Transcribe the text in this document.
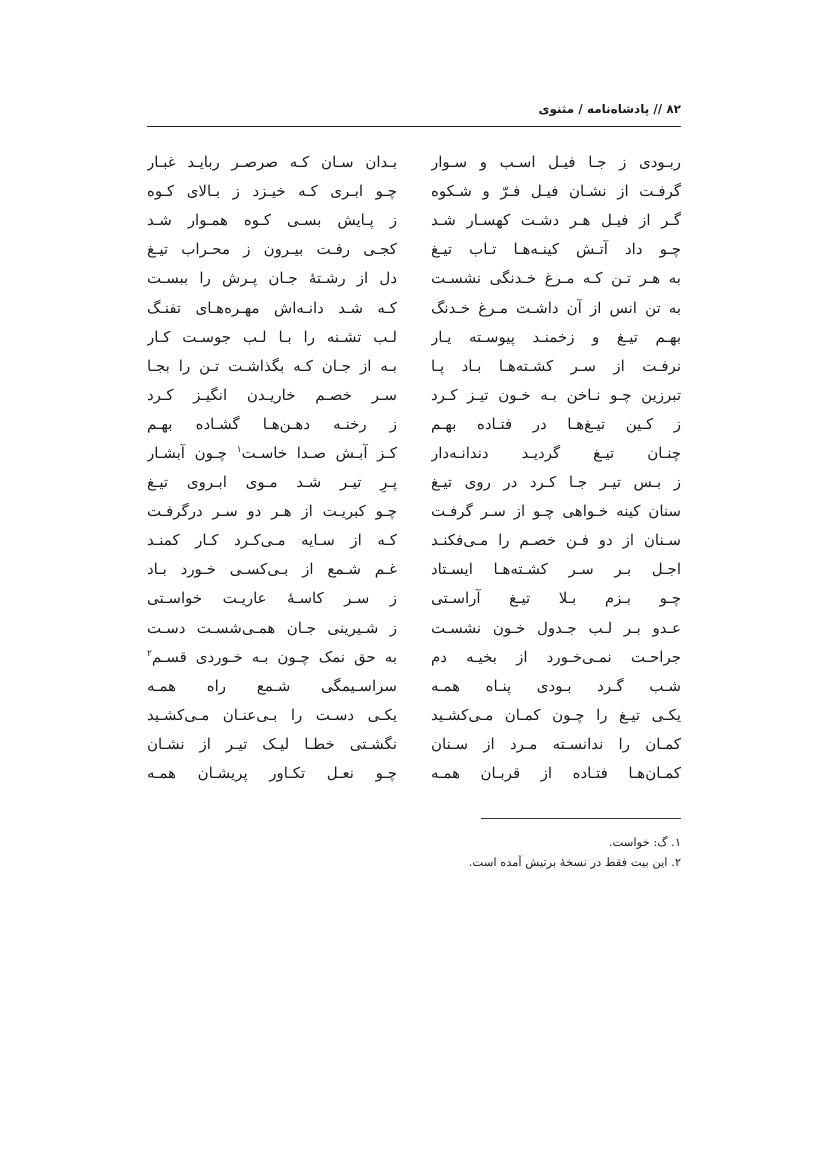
۸۲ // پادشاه‌نامه / مثنوی
ربـودی ز جـا فیـل اسـب و سـوار
بـدان سـان کـه صرصـر ربایـد غبـار
گرفـت از نشـان فیـل فـرّ و شـکوه
چـو ابـری کـه خیـزد ز بـالای کـوه
گـر از فیـل هـر دشـت کهسـار شـد
ز پـایش بسـی کـوه همـوار شـد
چـو داد آتـش کینـه‌هـا تـاب تیـغ
کجـی رفـت بیـرون ز محـراب تیـغ
به هـر تـن کـه مـرغ خـدنگی نشسـت
دل از رشـتهٔ جـان پـرش را ببسـت
به تن انس از آن داشـت مـرغ خـدنگ
کـه شـد دانـه‌اش مهـره‌هـای تفنـگ
بهـم تیـغ و زخمنـد پیوسـته یـار
لـب تشـنه را بـا لـب جوسـت کـار
نرفـت از سـر کشـته‌هـا بـاد پـا
بـه از جـان کـه بگذاشـت تـن را بجـا
تبرزین چـو نـاخن بـه خـون تیـز کـرد
سـر خصـم خاریـدن انگیـز کـرد
ز کـین تیـغ‌هـا در فتـاده بهـم
ز رخنـه دهـن‌هـا گشـاده بهـم
چنـان تیـغ گردیـد دندانـه‌دار
کـز آبـش صـدا خاسـت$^۱$ چـون آبشـار
ز بـس تیـر جـا کـرد در روی تیـغ
پـرِ تیـر شـد مـوی ابـروی تیـغ
سنان کینه خـواهی چـو از سـر گرفـت
چـو کبریـت از هـر دو سـر درگرفـت
سـنان از دو فـن خصـم را مـی‌فکنـد
کـه از سـایه مـی‌کـرد کـار کمنـد
اجـل بـر سـر کشـته‌هـا ایسـتاد
غـم شـمع از بـی‌کسـی خـورد بـاد
چـو بـزم بـلا تیـغ آراسـتی
ز سـر کاسـهٔ عاریـت خواسـتی
عـدو بـر لـب جـدول خـون نشسـت
ز شـیرینی جـان همـی‌شسـت دسـت
جراحـت نمـی‌خـورد از بخیـه دم
به حق نمک چـون بـه خـوردی قسـم$^۲$
شـب گـرد بـودی پنـاه همـه
سراسـیمگی شـمع راه همـه
یکـی تیـغ را چـون کمـان مـی‌کشـید
یکـی دسـت را بـی‌عنـان مـی‌کشـید
کمـان را ندانسـته مـرد از سـنان
نگشـتی خطـا لیـک تیـر از نشـان
کمـان‌هـا فتـاده از قربـان همـه
چـو نعـل تکـاور پریشـان همـه
۱. گ: خواست.
۲. این بیت فقط در نسخهٔ برتیش آمده است.
